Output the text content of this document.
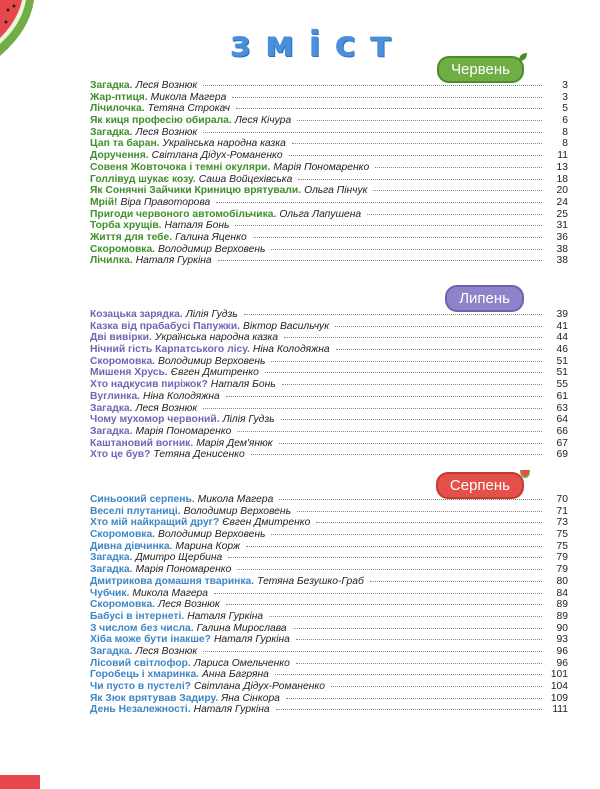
зміст
Червень
Загадка. Леся Вознюк	3
Жар-птиця. Микола Магера	3
Лічилочка. Тетяна Строкач	5
Як киця професію обирала. Леся Кічура	6
Загадка. Леся Вознюк	8
Цап та баран. Українська народна казка	8
Доручення. Світлана Дідух-Романенко	11
Совеня Жовточока і темні окуляри. Марія Пономаренко	13
Голлівуд шукає козу. Саша Войцехівська	18
Як Сонячні Зайчики Криницю врятували. Ольга Пінчук	20
Мрій! Віра Правоторова	24
Пригоди червоного автомобільчика. Ольга Лапушена	25
Торба хрущів. Наталя Бонь	31
Життя для тебе. Галина Яценко	36
Скоромовка. Володимир Верховень	38
Лічилка. Наталя Гуркіна	38
Липень
Козацька зарядка. Лілія Гудзь	39
Казка від прабабусі Папужки. Віктор Васильчук	41
Дві вивірки. Українська народна казка	44
Нічний гість Карпатського лісу. Ніна Колодяжна	46
Скоромовка. Володимир Верховень	51
Мишеня Хрусь. Євген Дмитренко	51
Хто надкусив пиріжок? Наталя Бонь	55
Вуглинка. Ніна Колодяжна	61
Загадка. Леся Вознюк	63
Чому мухомор червоний. Лілія Гудзь	64
Загадка. Марія Пономаренко	66
Каштановий вогник. Марія Дем'янюк	67
Хто це був? Тетяна Денисенко	69
Серпень
Синьоокий серпень. Микола Магера	70
Веселі плутаниці. Володимир Верховень	71
Хто мій найкращий друг? Євген Дмитренко	73
Скоромовка. Володимир Верховень	75
Дивна дівчинка. Марина Корж	75
Загадка. Дмитро Щербина	79
Загадка. Марія Пономаренко	79
Дмитрикова домашня тваринка. Тетяна Безушко-Граб	80
Чубчик. Микола Магера	84
Скоромовка. Леся Вознюк	89
Бабусі в інтернеті. Наталя Гуркіна	89
З числом без числа. Галина Мирослава	90
Хіба може бути інакше? Наталя Гуркіна	93
Загадка. Леся Вознюк	96
Лісовий світлофор. Лариса Омельченко	96
Горобець і хмаринка. Анна Багряна	101
Чи пусто в пустелі? Світлана Дідух-Романенко	104
Як Зюк врятував Задиру. Яна Сінкора	109
День Незалежності. Наталя Гуркіна	111
